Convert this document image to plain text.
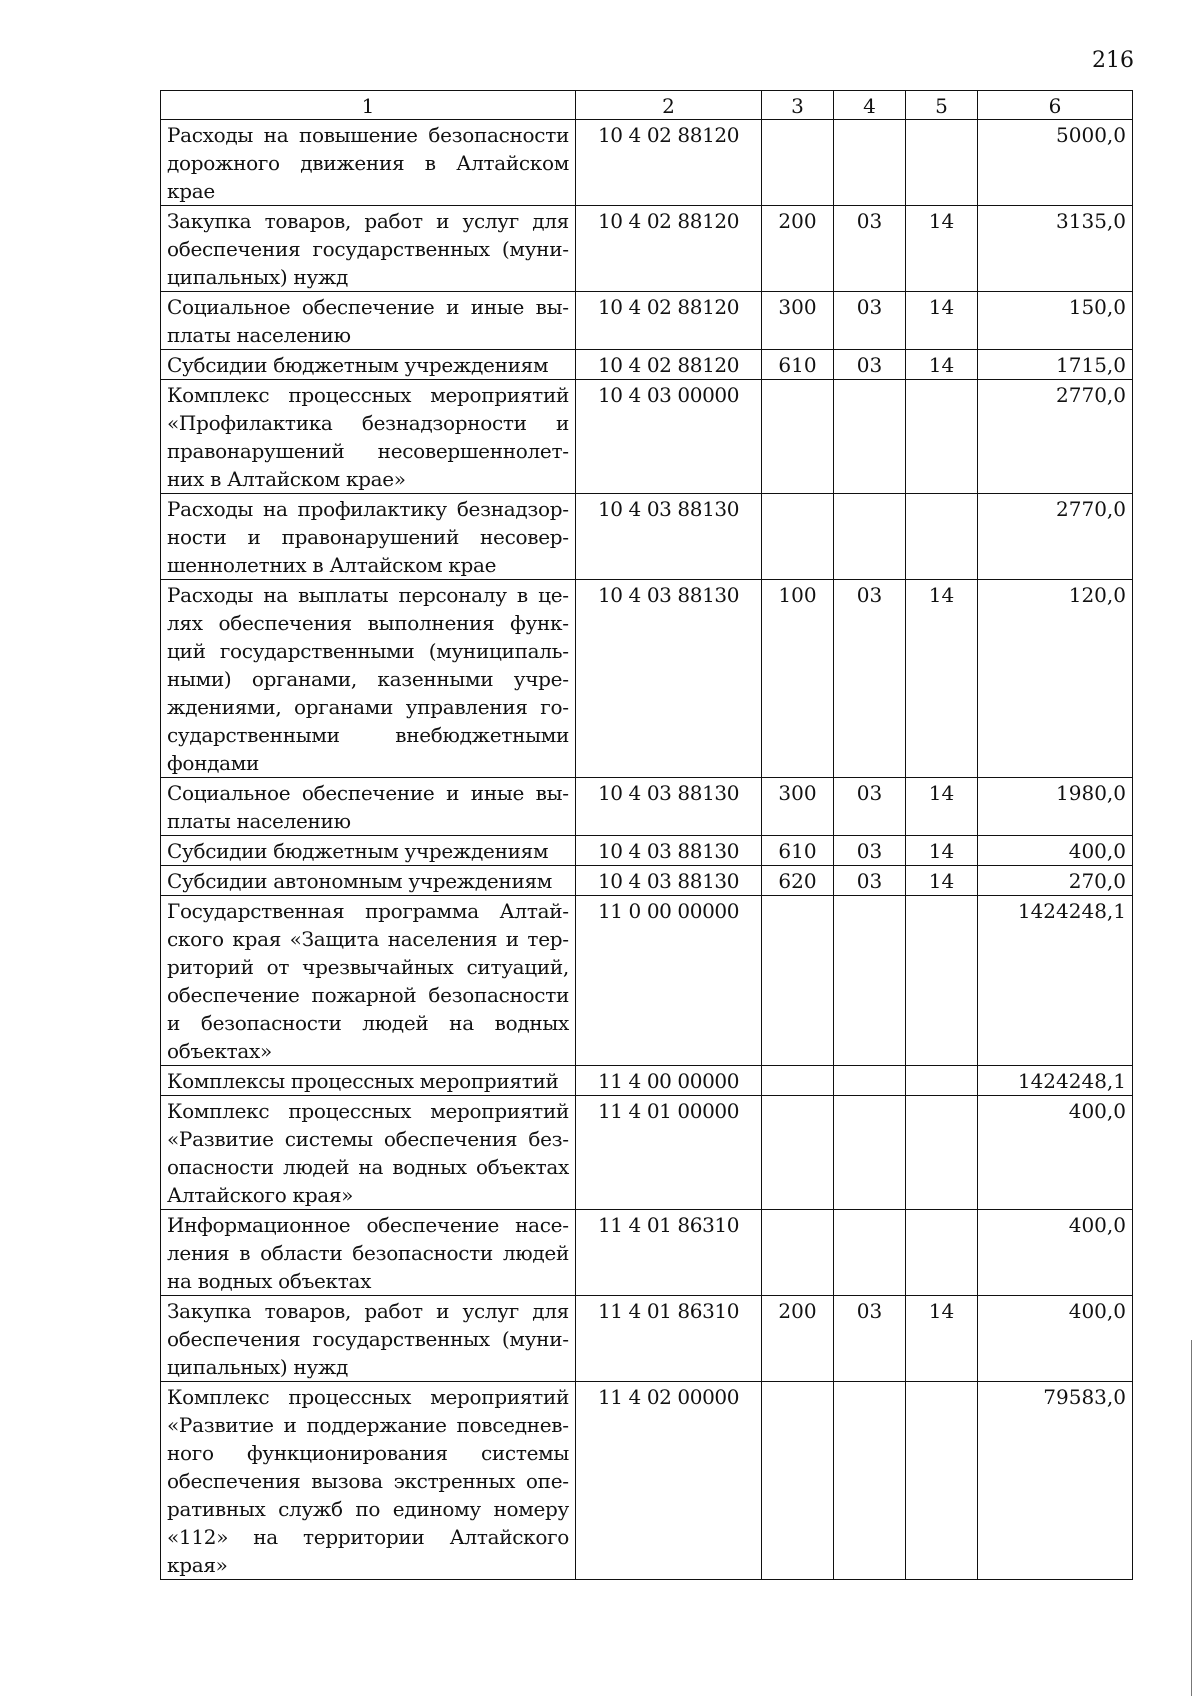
216
1	2	3	4	5	6
Расходы на повышение безопасности дорожного движения в Алтайском крае	10 4 02 88120				5000,0
Закупка товаров, работ и услуг для обеспечения государственных (муниципальных) нужд	10 4 02 88120	200	03	14	3135,0
Социальное обеспечение и иные выплаты населению	10 4 02 88120	300	03	14	150,0
Субсидии бюджетным учреждениям	10 4 02 88120	610	03	14	1715,0
Комплекс процессных мероприятий «Профилактика безнадзорности и правонарушений несовершеннолетних в Алтайском крае»	10 4 03 00000				2770,0
Расходы на профилактику безнадзорности и правонарушений несовершеннолетних в Алтайском крае	10 4 03 88130				2770,0
Расходы на выплаты персоналу в целях обеспечения выполнения функций государственными (муниципальными) органами, казенными учреждениями, органами управления государственными внебюджетными фондами	10 4 03 88130	100	03	14	120,0
Социальное обеспечение и иные выплаты населению	10 4 03 88130	300	03	14	1980,0
Субсидии бюджетным учреждениям	10 4 03 88130	610	03	14	400,0
Субсидии автономным учреждениям	10 4 03 88130	620	03	14	270,0
Государственная программа Алтайского края «Защита населения и территорий от чрезвычайных ситуаций, обеспечение пожарной безопасности и безопасности людей на водных объектах»	11 0 00 00000				1424248,1
Комплексы процессных мероприятий	11 4 00 00000				1424248,1
Комплекс процессных мероприятий «Развитие системы обеспечения безопасности людей на водных объектах Алтайского края»	11 4 01 00000				400,0
Информационное обеспечение населения в области безопасности людей на водных объектах	11 4 01 86310				400,0
Закупка товаров, работ и услуг для обеспечения государственных (муниципальных) нужд	11 4 01 86310	200	03	14	400,0
Комплекс процессных мероприятий «Развитие и поддержание повседневного функционирования системы обеспечения вызова экстренных оперативных служб по единому номеру «112» на территории Алтайского края»	11 4 02 00000				79583,0
